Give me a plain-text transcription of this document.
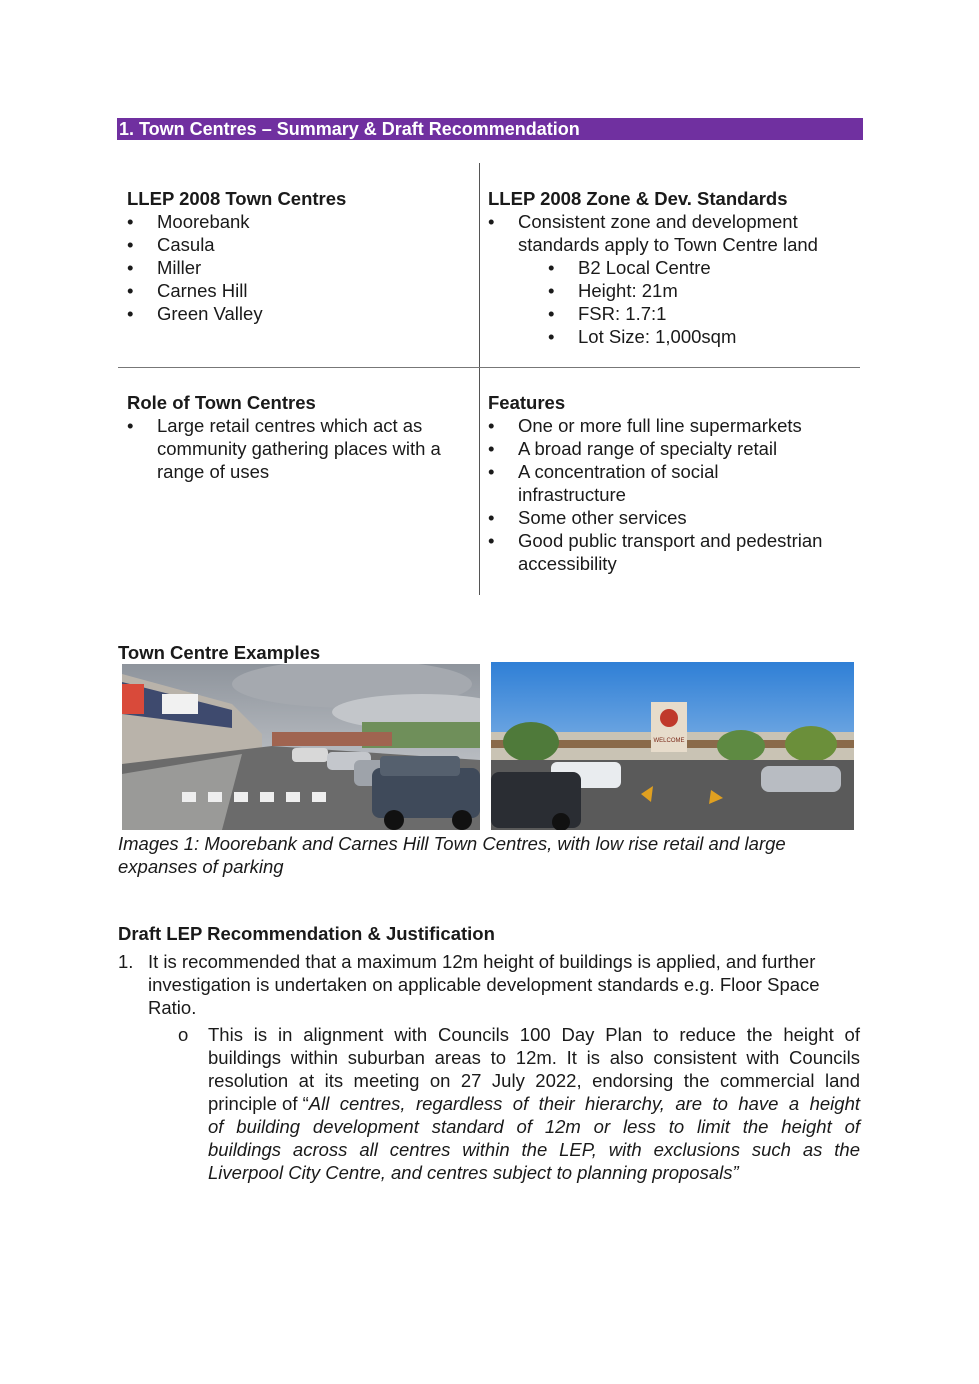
1. Town Centres – Summary & Draft Recommendation
LLEP 2008 Town Centres
• Moorebank
• Casula
• Miller
• Carnes Hill
• Green Valley
LLEP 2008 Zone & Dev. Standards
• Consistent zone and development
standards apply to Town Centre land
• B2 Local Centre
• Height: 21m
• FSR: 1.7:1
• Lot Size: 1,000sqm
Role of Town Centres
• Large retail centres which act as
community gathering places with a
range of uses
Features
• One or more full line supermarkets
• A broad range of specialty retail
• A concentration of social
infrastructure
• Some other services
• Good public transport and pedestrian
accessibility
Town Centre Examples
WELCOME
Images 1: Moorebank and Carnes Hill Town Centres, with low rise retail and large
expanses of parking
Draft LEP Recommendation & Justification
1. It is recommended that a maximum 12m height of buildings is applied, and further
investigation is undertaken on applicable development standards e.g. Floor Space
Ratio.
o This is in alignment with Councils 100 Day Plan to reduce the height of
buildings within suburban areas to 12m. It is also consistent with Councils
resolution at its meeting on 27 July 2022, endorsing the commercial land
principle of “ All centres, regardless of their hierarchy, are to have a height
of building development standard of 12m or less to limit the height of
buildings across all centres within the LEP, with exclusions such as the
Liverpool City Centre, and centres subject to planning proposals”
